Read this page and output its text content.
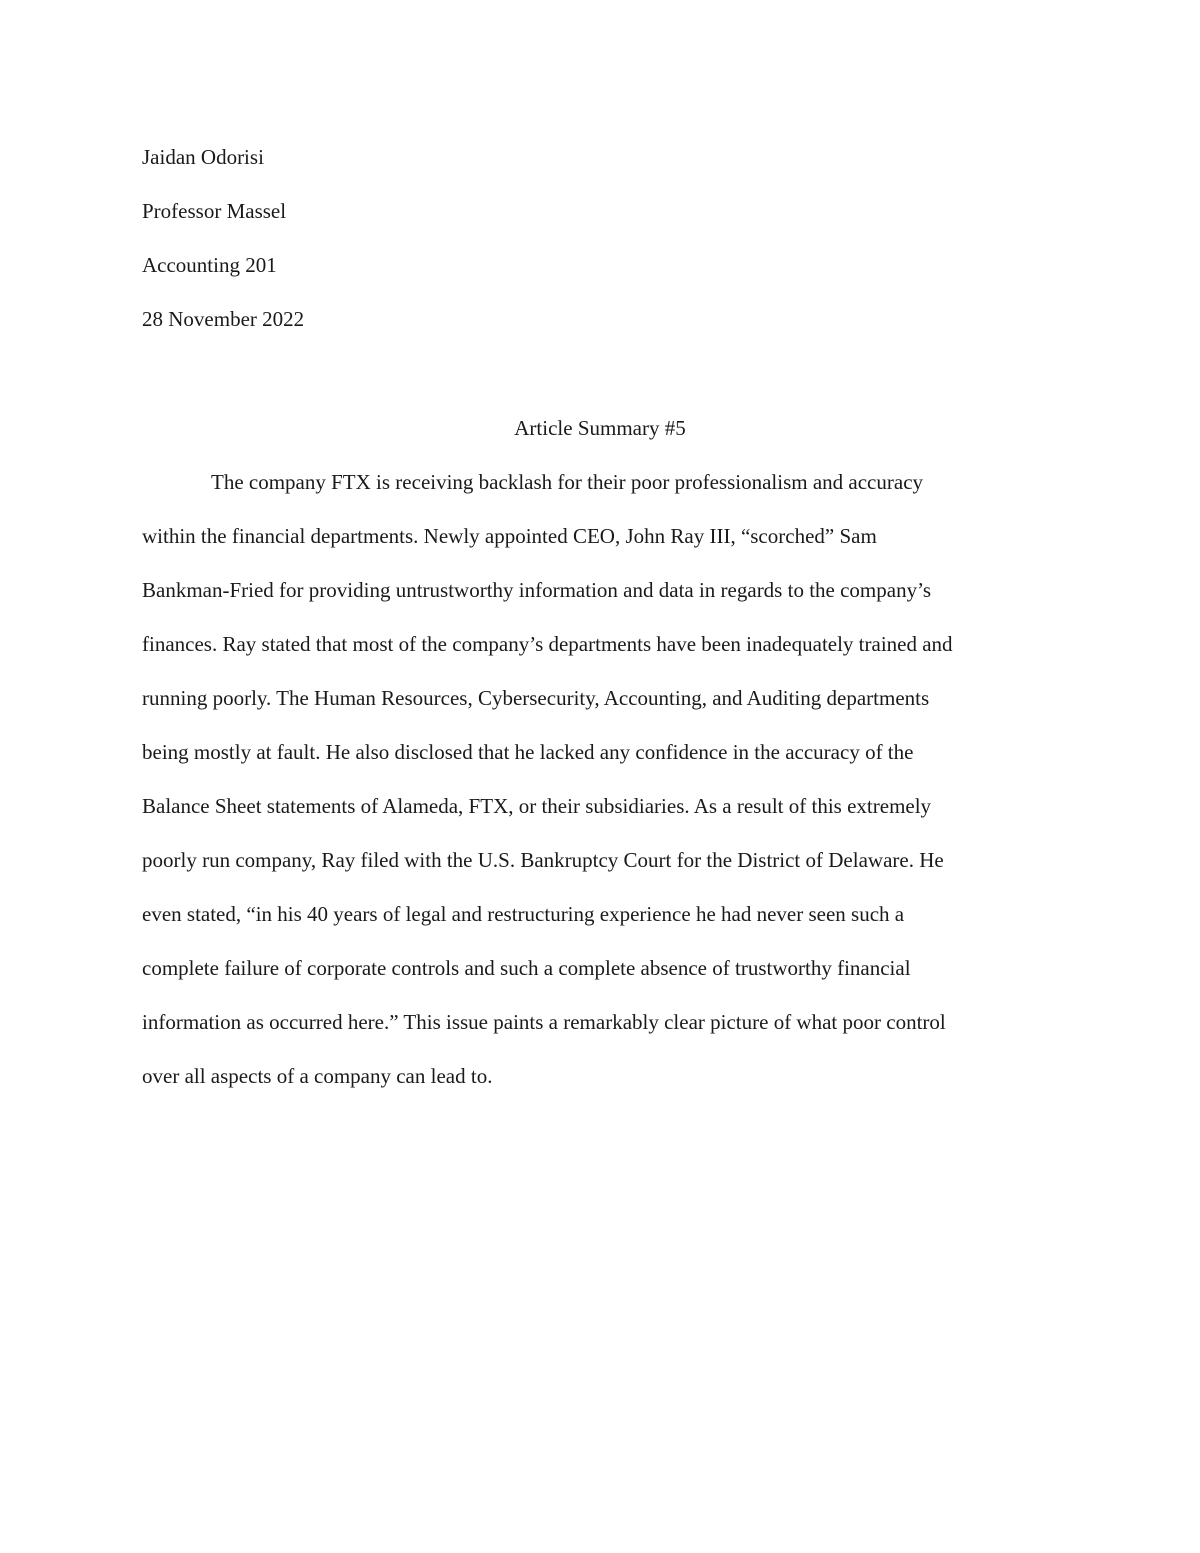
Jaidan Odorisi
Professor Massel
Accounting 201
28 November 2022
Article Summary #5
The company FTX is receiving backlash for their poor professionalism and accuracy
within the financial departments. Newly appointed CEO, John Ray III, “scorched” Sam
Bankman-Fried for providing untrustworthy information and data in regards to the company’s
finances. Ray stated that most of the company’s departments have been inadequately trained and
running poorly. The Human Resources, Cybersecurity, Accounting, and Auditing departments
being mostly at fault. He also disclosed that he lacked any confidence in the accuracy of the
Balance Sheet statements of Alameda, FTX, or their subsidiaries. As a result of this extremely
poorly run company, Ray filed with the U.S. Bankruptcy Court for the District of Delaware. He
even stated, “in his 40 years of legal and restructuring experience he had never seen such a
complete failure of corporate controls and such a complete absence of trustworthy financial
information as occurred here.” This issue paints a remarkably clear picture of what poor control
over all aspects of a company can lead to.
